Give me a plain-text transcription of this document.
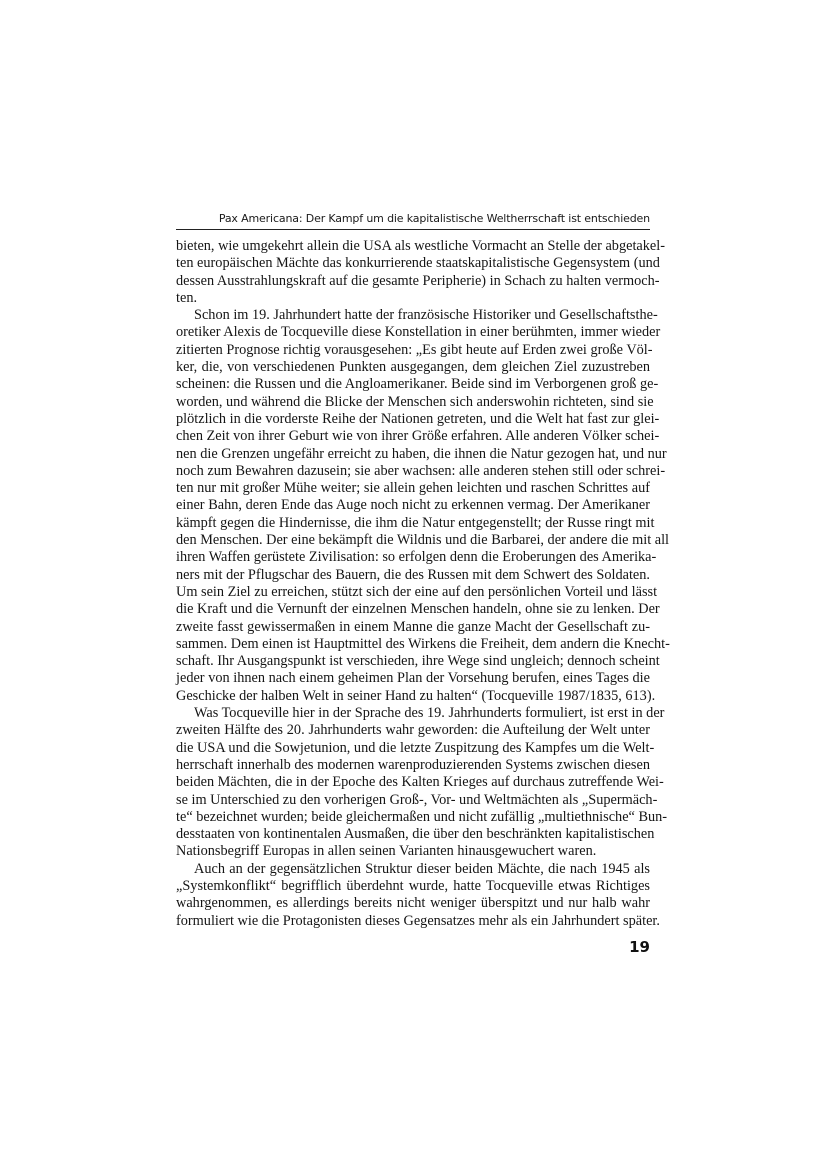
Pax Americana: Der Kampf um die kapitalistische Weltherrschaft ist entschieden
bieten, wie umgekehrt allein die USA als westliche Vormacht an Stelle der abgetakel-
ten europäischen Mächte das konkurrierende staatskapitalistische Gegensystem (und
dessen Ausstrahlungskraft auf die gesamte Peripherie) in Schach zu halten vermoch-
ten.
Schon im 19. Jahrhundert hatte der französische Historiker und Gesellschaftsthe-
oretiker Alexis de Tocqueville diese Konstellation in einer berühmten, immer wieder
zitierten Prognose richtig vorausgesehen: „Es gibt heute auf Erden zwei große Völ-
ker, die, von verschiedenen Punkten ausgegangen, dem gleichen Ziel zuzustreben
scheinen: die Russen und die Angloamerikaner. Beide sind im Verborgenen groß ge-
worden, und während die Blicke der Menschen sich anderswohin richteten, sind sie
plötzlich in die vorderste Reihe der Nationen getreten, und die Welt hat fast zur glei-
chen Zeit von ihrer Geburt wie von ihrer Größe erfahren. Alle anderen Völker schei-
nen die Grenzen ungefähr erreicht zu haben, die ihnen die Natur gezogen hat, und nur
noch zum Bewahren dazusein; sie aber wachsen: alle anderen stehen still oder schrei-
ten nur mit großer Mühe weiter; sie allein gehen leichten und raschen Schrittes auf
einer Bahn, deren Ende das Auge noch nicht zu erkennen vermag. Der Amerikaner
kämpft gegen die Hindernisse, die ihm die Natur entgegenstellt; der Russe ringt mit
den Menschen. Der eine bekämpft die Wildnis und die Barbarei, der andere die mit all
ihren Waffen gerüstete Zivilisation: so erfolgen denn die Eroberungen des Amerika-
ners mit der Pflugschar des Bauern, die des Russen mit dem Schwert des Soldaten.
Um sein Ziel zu erreichen, stützt sich der eine auf den persönlichen Vorteil und lässt
die Kraft und die Vernunft der einzelnen Menschen handeln, ohne sie zu lenken. Der
zweite fasst gewissermaßen in einem Manne die ganze Macht der Gesellschaft zu-
sammen. Dem einen ist Hauptmittel des Wirkens die Freiheit, dem andern die Knecht-
schaft. Ihr Ausgangspunkt ist verschieden, ihre Wege sind ungleich; dennoch scheint
jeder von ihnen nach einem geheimen Plan der Vorsehung berufen, eines Tages die
Geschicke der halben Welt in seiner Hand zu halten“ (Tocqueville 1987/1835, 613).
Was Tocqueville hier in der Sprache des 19. Jahrhunderts formuliert, ist erst in der
zweiten Hälfte des 20. Jahrhunderts wahr geworden: die Aufteilung der Welt unter
die USA und die Sowjetunion, und die letzte Zuspitzung des Kampfes um die Welt-
herrschaft innerhalb des modernen warenproduzierenden Systems zwischen diesen
beiden Mächten, die in der Epoche des Kalten Krieges auf durchaus zutreffende Wei-
se im Unterschied zu den vorherigen Groß-, Vor- und Weltmächten als „Supermäch-
te“ bezeichnet wurden; beide gleichermaßen und nicht zufällig „multiethnische“ Bun-
desstaaten von kontinentalen Ausmaßen, die über den beschränkten kapitalistischen
Nationsbegriff Europas in allen seinen Varianten hinausgewuchert waren.
Auch an der gegensätzlichen Struktur dieser beiden Mächte, die nach 1945 als
„Systemkonflikt“ begrifflich überdehnt wurde, hatte Tocqueville etwas Richtiges
wahrgenommen, es allerdings bereits nicht weniger überspitzt und nur halb wahr
formuliert wie die Protagonisten dieses Gegensatzes mehr als ein Jahrhundert später.
19
